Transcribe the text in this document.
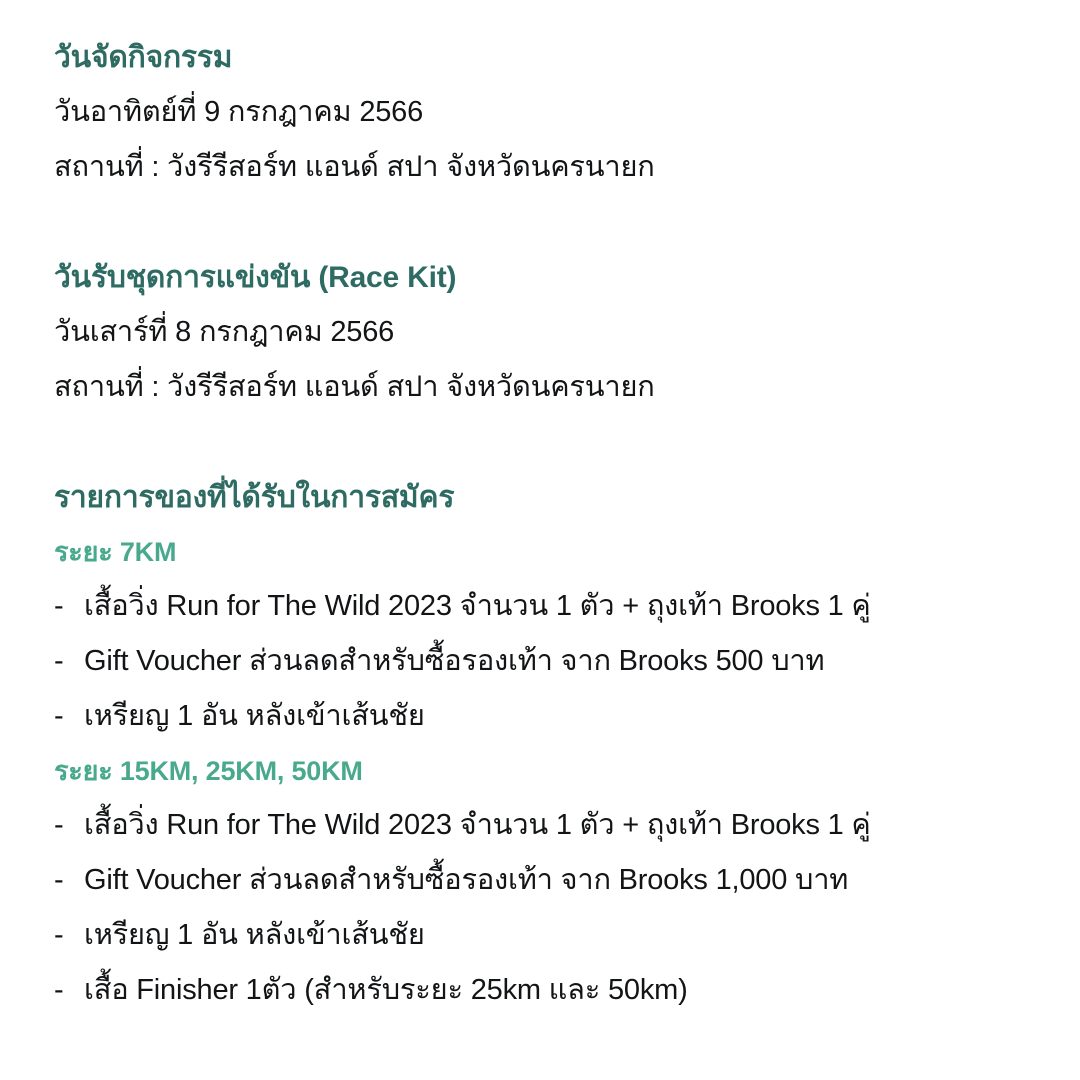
วันจัดกิจกรรม

วันอาทิตย์ที่ 9 กรกฎาคม 2566

สถานที่ : วังรีรีสอร์ท แอนด์ สปา จังหวัดนครนายก

วันรับชุดการแข่งขัน (Race Kit)

วันเสาร์ที่ 8 กรกฎาคม 2566

สถานที่ : วังรีรีสอร์ท แอนด์ สปา จังหวัดนครนายก

รายการของที่ได้รับในการสมัคร
ระยะ 7KM
- เสื้อวิ่ง Run for The Wild 2023 จำนวน 1 ตัว + ถุงเท้า Brooks 1 คู่
- Gift Voucher ส่วนลดสำหรับซื้อรองเท้า จาก Brooks 500 บาท
- เหรียญ 1 อัน หลังเข้าเส้นชัย
ระยะ 15KM, 25KM, 50KM
- เสื้อวิ่ง Run for The Wild 2023 จำนวน 1 ตัว + ถุงเท้า Brooks 1 คู่
- Gift Voucher ส่วนลดสำหรับซื้อรองเท้า จาก Brooks 1,000 บาท
- เหรียญ 1 อัน หลังเข้าเส้นชัย
- เสื้อ Finisher 1ตัว (สำหรับระยะ 25km และ 50km)
